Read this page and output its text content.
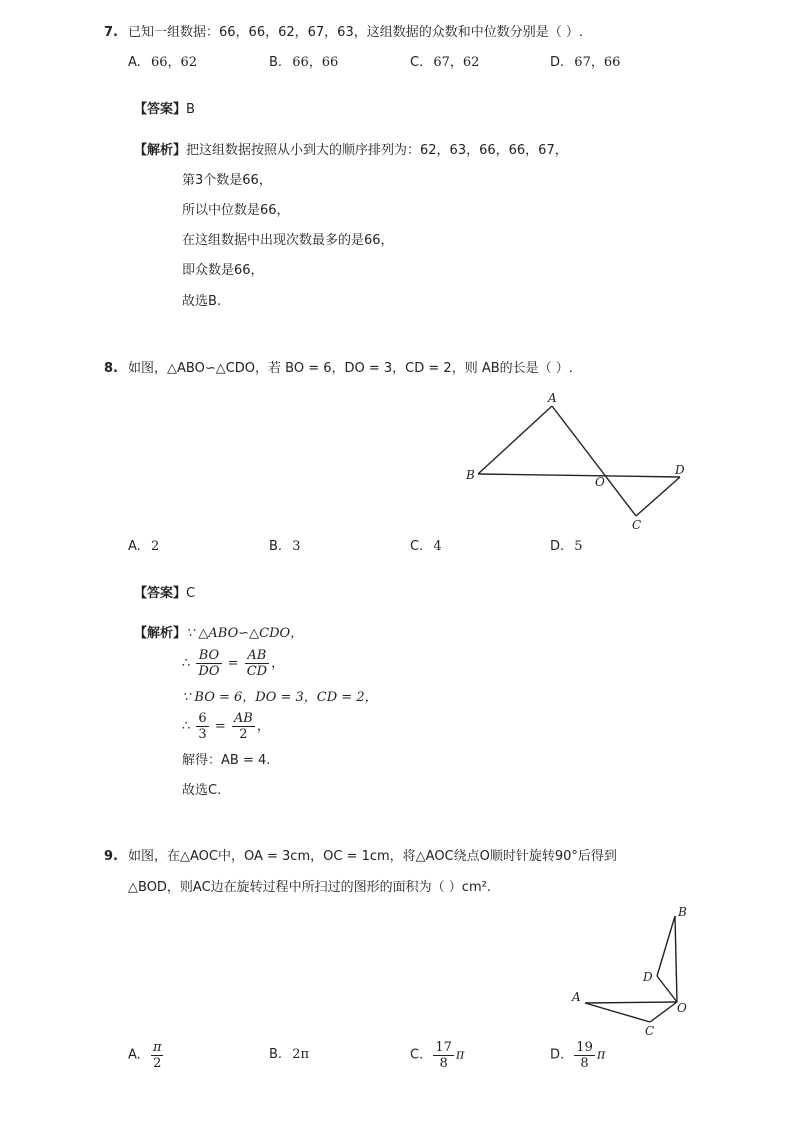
7. 已知一组数据：66，66，62，67，63，这组数据的众数和中位数分别是（ ）.
A. 66，62	B. 66，66	C. 67，62	D. 67，66
【答案】B
【解析】把这组数据按照从小到大的顺序排列为：62，63，66，66，67，
第3个数是66，
所以中位数是66，
在这组数据中出现次数最多的是66，
即众数是66，
故选B.
8. 如图，△ABO∽△CDO，若 BO = 6，DO = 3，CD = 2，则 AB的长是（ ）.
A
B	O
D
C
A. 2	B. 3	C. 4	D. 5
【答案】C
【解析】∵ △ABO∽△CDO，
∴ $\frac{BO}{DO} = \frac{AB}{CD}$ ，
∵ BO = 6，DO = 3，CD = 2，
∴ $\frac{6}{3} = \frac{AB}{2}$ ，
解得：AB = 4.
故选C.
9. 如图，在△AOC中，OA = 3cm，OC = 1cm，将△AOC绕点O顺时针旋转90°后得到
△BOD，则AC边在旋转过程中所扫过的图形的面积为（ ）cm².
A
B
D
O
C
A. $\frac{\pi}{2}$	B. 2π	C. $\frac{17}{8}$ π	D. $\frac{19}{8}$ π
